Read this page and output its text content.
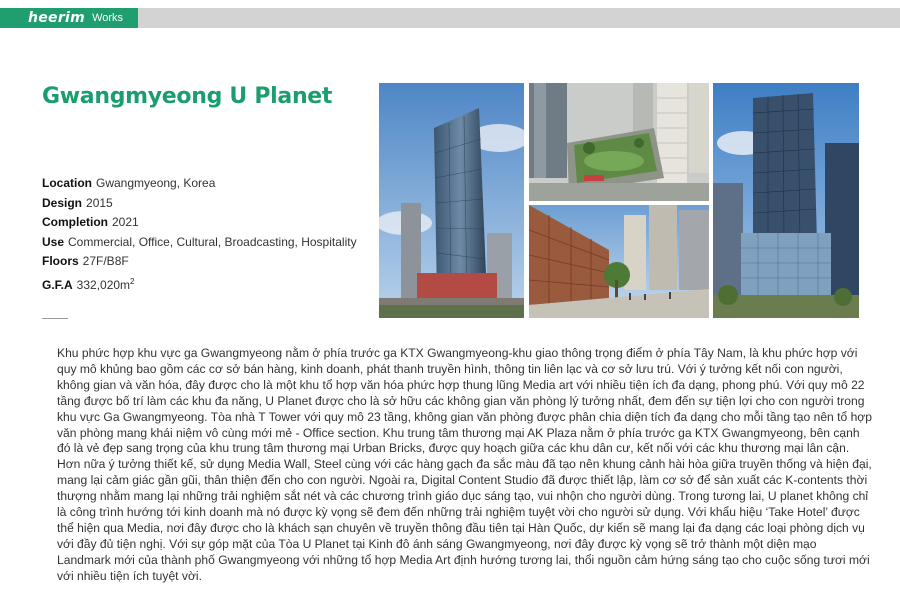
heerim Works
Gwangmyeong U Planet
Location Gwangmyeong, Korea
Design 2015
Completion 2021
Use Commercial, Office, Cultural, Broadcasting, Hospitality
Floors 27F/B8F
G.F.A $332,020m^2$

Khu phức hợp khu vực ga Gwangmyeong nằm ở phía trước ga KTX Gwangmyeong-khu giao thông trọng điểm ở phía Tây Nam, là khu phức hợp với quy mô khủng bao gồm các cơ sở bán hàng, kinh doanh, phát thanh truyền hình, thông tin liên lạc và cơ sở lưu trú. Với ý tưởng kết nối con người, không gian và văn hóa, đây được cho là một khu tổ hợp văn hóa phức hợp thung lũng Media art với nhiều tiện ích đa dạng, phong phú. Với quy mô 22 tầng được bố trí làm các khu đa năng, U Planet được cho là sở hữu các không gian văn phòng lý tưởng nhất, đem đến sự tiện lợi cho con người trong khu vực Ga Gwangmyeong. Tòa nhà T Tower với quy mô 23 tầng, không gian văn phòng được phân chia diện tích đa dạng cho mỗi tầng tạo nên tổ hợp văn phòng mang khái niệm vô cùng mới mẻ - Office section. Khu trung tâm thương mại AK Plaza nằm ở phía trước ga KTX Gwangmyeong, bên cạnh đó là vẻ đẹp sang trọng của khu trung tâm thương mại Urban Bricks, được quy hoạch giữa các khu dân cư, kết nối với các khu thương mại lân cận. Hơn nữa ý tưởng thiết kế, sử dụng Media Wall, Steel cùng với các hàng gạch đa sắc màu đã tạo nên khung cảnh hài hòa giữa truyền thống và hiện đại, mang lại cảm giác gần gũi, thân thiện đến cho con người. Ngoài ra, Digital Content Studio đã được thiết lập, làm cơ sở để sản xuất các K-contents thời thượng nhằm mang lại những trải nghiệm sắt nét và các chương trình giáo dục sáng tạo, vui nhộn cho người dùng. Trong tương lai, U planet không chỉ là công trình hướng tới kinh doanh mà nó được kỳ vọng sẽ đem đến những trải nghiệm tuyệt vời cho người sử dụng. Với khẩu hiệu ‘Take Hotel’ được thể hiện qua Media, nơi đây được cho là khách sạn chuyên về truyền thông đầu tiên tại Hàn Quốc, dự kiến sẽ mang lại đa dạng các loại phòng dịch vụ với đầy đủ tiện nghị. Với sự góp mặt của Tòa U Planet tại Kinh đô ánh sáng Gwangmyeong, nơi đây được kỳ vọng sẽ trở thành một diện mạo Landmark mới của thành phố Gwangmyeong với những tổ hợp Media Art định hướng tương lai, thổi nguồn cảm hứng sáng tạo cho cuộc sống tươi mới với nhiều tiện ích tuyệt vời.
